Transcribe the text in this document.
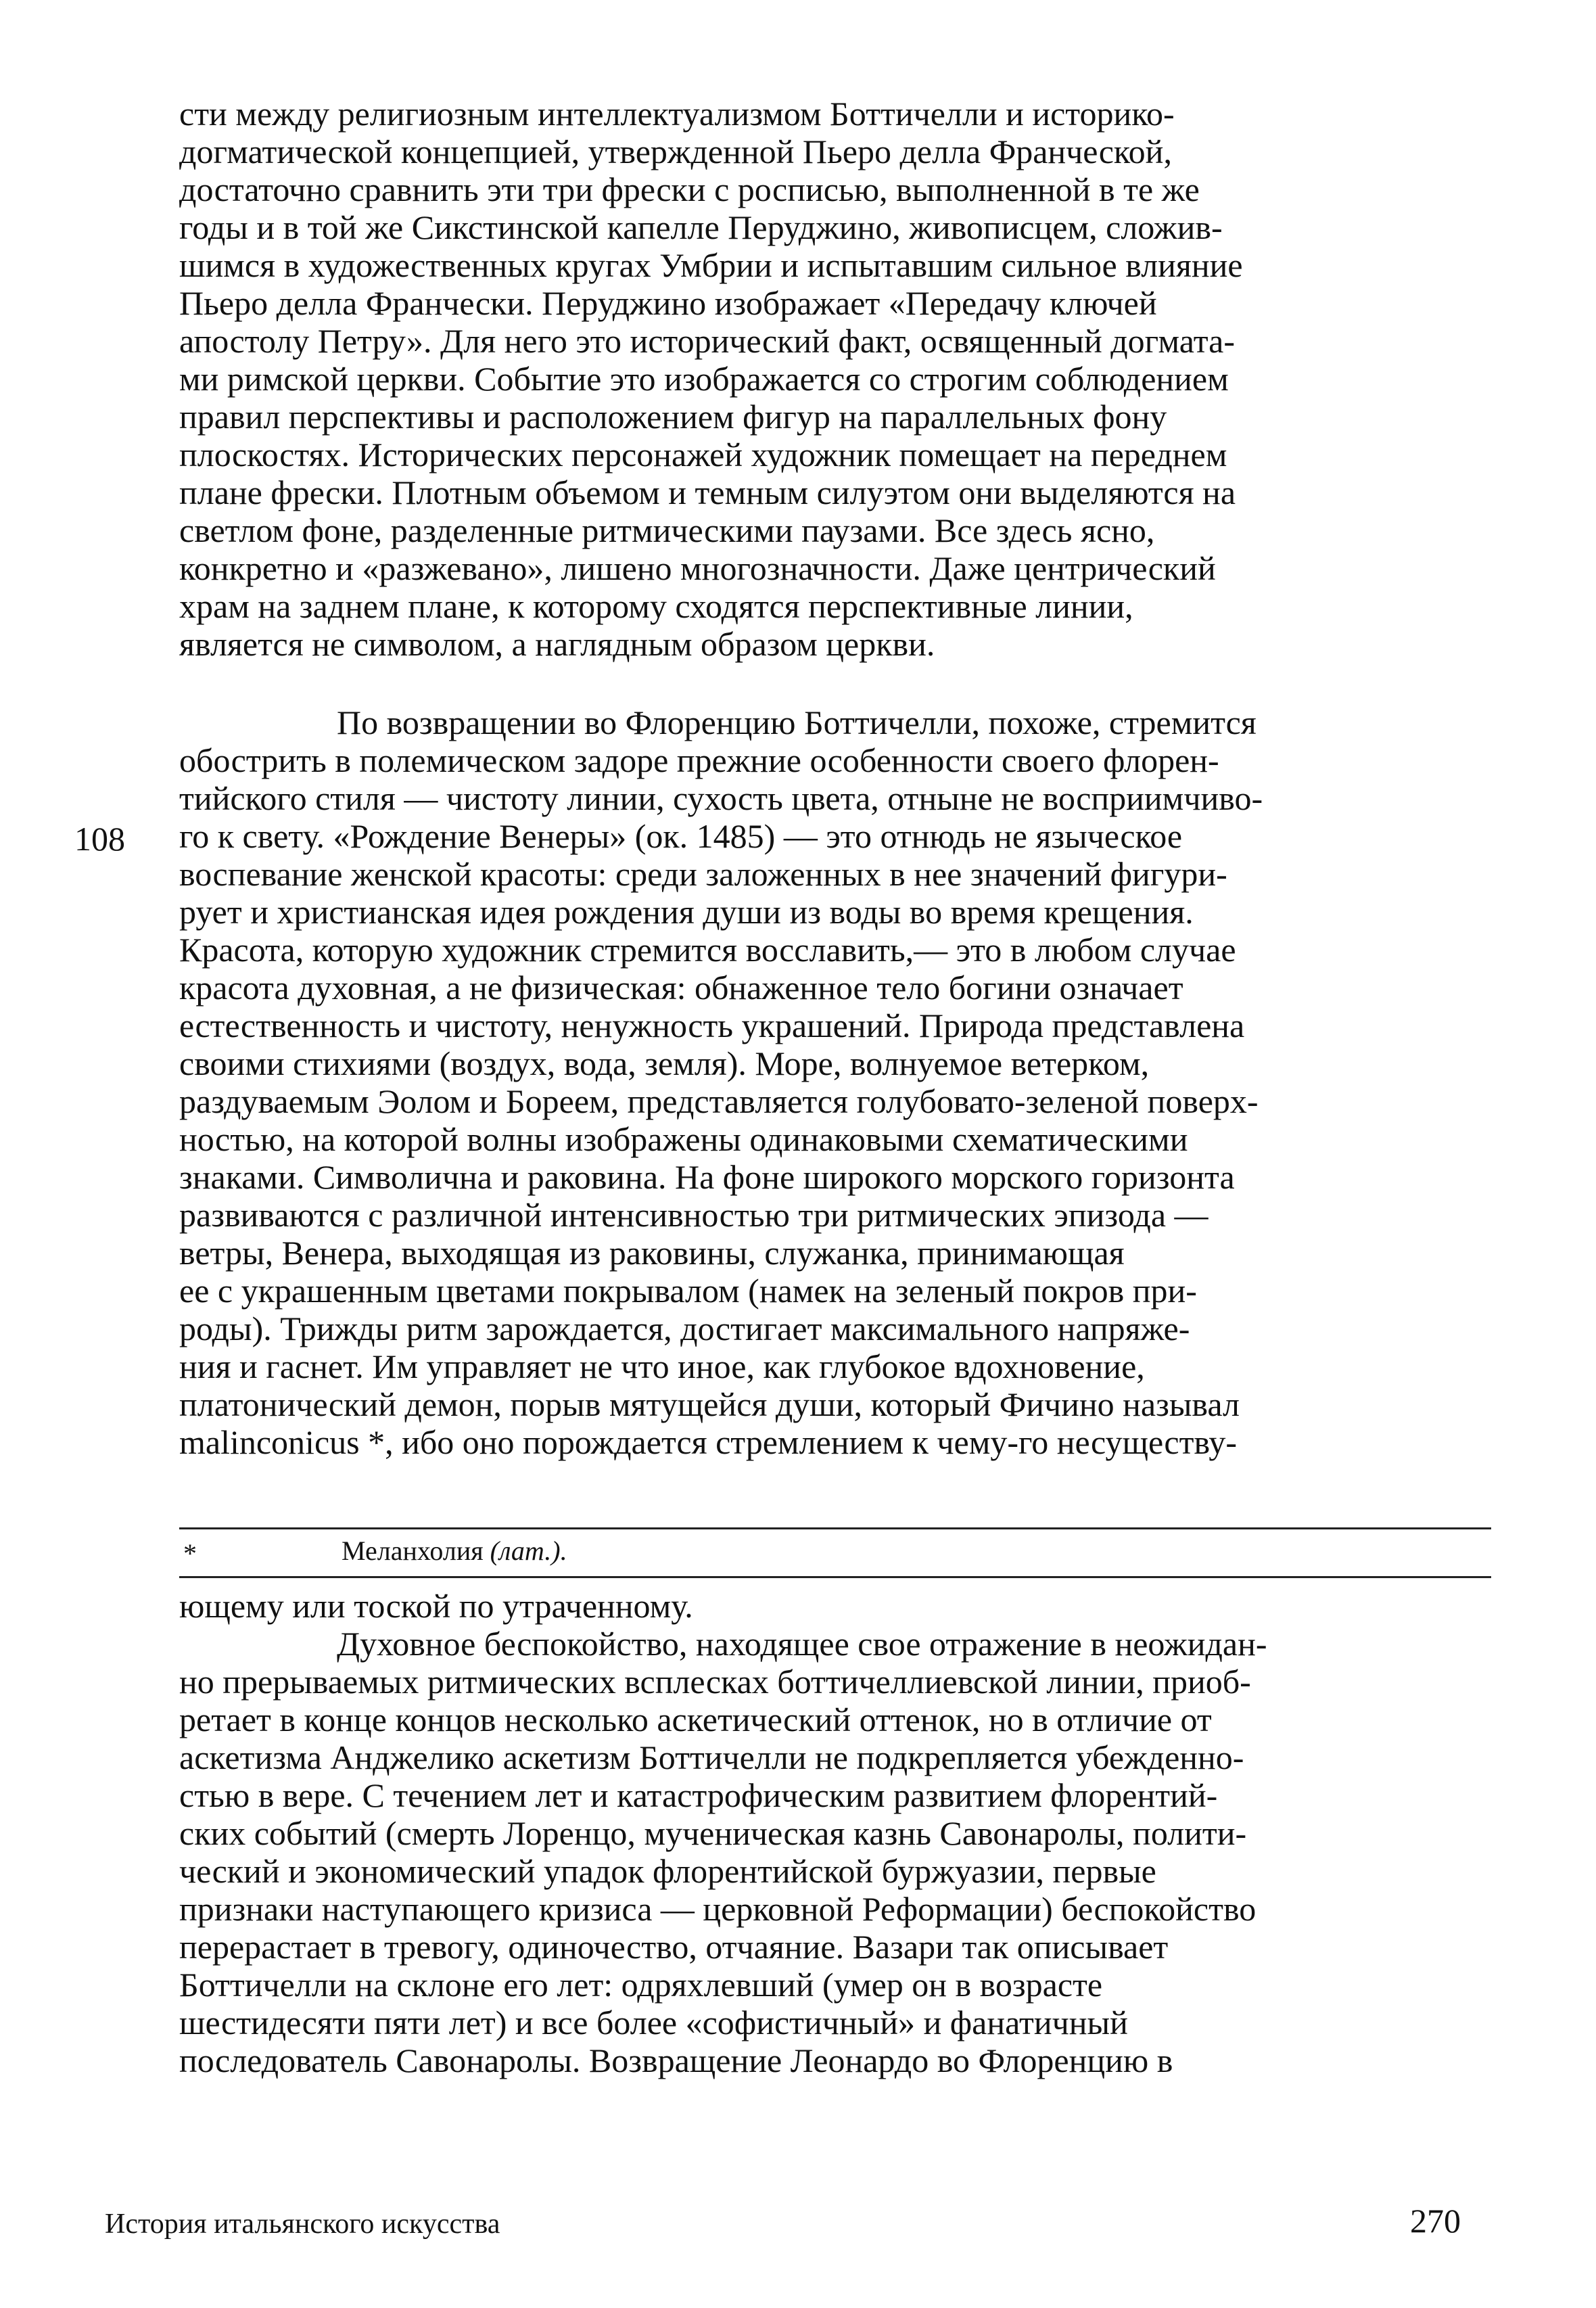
сти между религиозным интеллектуализмом Боттичелли и историко-
догматической концепцией, утвержденной Пьеро делла Франческой,
достаточно сравнить эти три фрески с росписью, выполненной в те же
годы и в той же Сикстинской капелле Перуджино, живописцем, сложив-
шимся в художественных кругах Умбрии и испытавшим сильное влияние
Пьеро делла Франчески. Перуджино изображает «Передачу ключей
апостолу Петру». Для него это исторический факт, освященный догмата-
ми римской церкви. Событие это изображается со строгим соблюдением
правил перспективы и расположением фигур на параллельных фону
плоскостях. Исторических персонажей художник помещает на переднем
плане фрески. Плотным объемом и темным силуэтом они выделяются на
светлом фоне, разделенные ритмическими паузами. Все здесь ясно,
конкретно и «разжевано», лишено многозначности. Даже центрический
храм на заднем плане, к которому сходятся перспективные линии,
является не символом, а наглядным образом церкви.
По возвращении во Флоренцию Боттичелли, похоже, стремится
обострить в полемическом задоре прежние особенности своего флорен-
тийского стиля — чистоту линии, сухость цвета, отныне не восприимчиво-
го к свету. «Рождение Венеры» (ок. 1485) — это отнюдь не языческое
воспевание женской красоты: среди заложенных в нее значений фигури-
рует и христианская идея рождения души из воды во время крещения.
Красота, которую художник стремится восславить,— это в любом случае
красота духовная, а не физическая: обнаженное тело богини означает
естественность и чистоту, ненужность украшений. Природа представлена
своими стихиями (воздух, вода, земля). Море, волнуемое ветерком,
раздуваемым Эолом и Бореем, представляется голубовато-зеленой поверх-
ностью, на которой волны изображены одинаковыми схематическими
знаками. Символична и раковина. На фоне широкого морского горизонта
развиваются с различной интенсивностью три ритмических эпизода —
ветры, Венера, выходящая из раковины, служанка, принимающая
ее с украшенным цветами покрывалом (намек на зеленый покров при-
роды). Трижды ритм зарождается, достигает максимального напряже-
ния и гаснет. Им управляет не что иное, как глубокое вдохновение,
платонический демон, порыв мятущейся души, который Фичино называл
malinconicus *, ибо оно порождается стремлением к чему-го несуществу-
108
*	Меланхолия (лат.).
ющему или тоской по утраченному.
Духовное беспокойство, находящее свое отражение в неожидан-
но прерываемых ритмических всплесках боттичеллиевской линии, приоб-
ретает в конце концов несколько аскетический оттенок, но в отличие от
аскетизма Анджелико аскетизм Боттичелли не подкрепляется убежденно-
стью в вере. С течением лет и катастрофическим развитием флорентий-
ских событий (смерть Лоренцо, мученическая казнь Савонаролы, полити-
ческий и экономический упадок флорентийской буржуазии, первые
признаки наступающего кризиса — церковной Реформации) беспокойство
перерастает в тревогу, одиночество, отчаяние. Вазари так описывает
Боттичелли на склоне его лет: одряхлевший (умер он в возрасте
шестидесяти пяти лет) и все более «софистичный» и фанатичный
последователь Савонаролы. Возвращение Леонардо во Флоренцию в
История итальянского искусства	270
